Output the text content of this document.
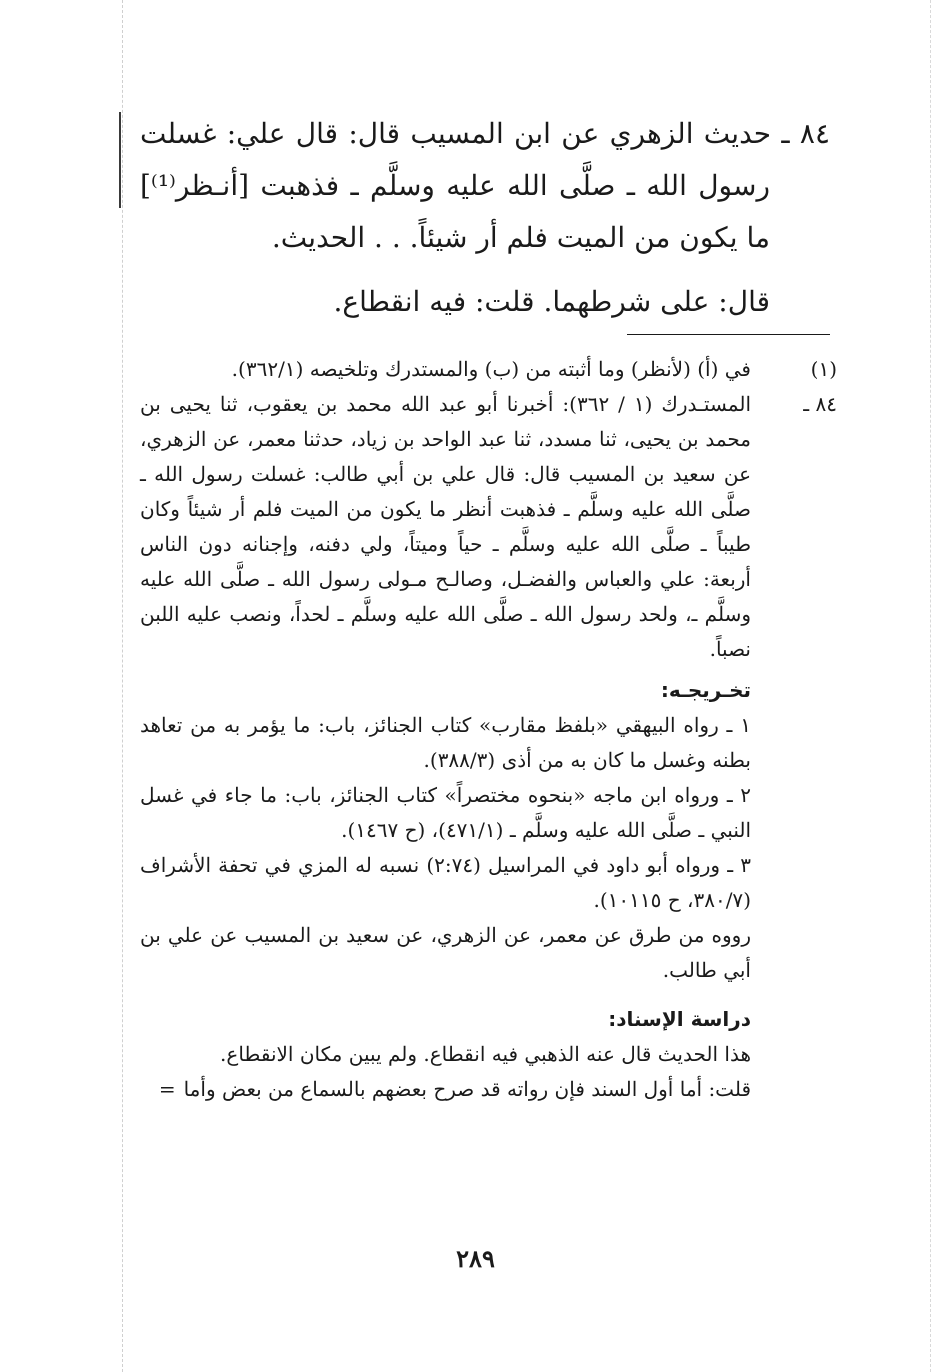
٨٤ ـ حديث الزهري عن ابن المسيب قال: قال علي: غسلت رسول الله ـ صلَّى الله عليه وسلَّم ـ فذهبت [أنـظر⁽¹⁾] ما يكون من الميت فلم أر شيئاً. . . الحديث.

قال: على شرطهما. قلت: فيه انقطاع.

(١)
في (أ) (لأنظر) وما أثبته من (ب) والمستدرك وتلخيصه (٣٦٢/١).
٨٤ ـ
المستـدرك (١ / ٣٦٢): أخبرنا أبو عبد الله محمد بن يعقوب، ثنا يحيى بن محمد بن يحيى، ثنا مسدد، ثنا عبد الواحد بن زياد، حدثنا معمر، عن الزهري، عن سعيد بن المسيب قال: قال علي بن أبي طالب: غسلت رسول الله ـ صلَّى الله عليه وسلَّم ـ فذهبت أنظر ما يكون من الميت فلم أر شيئاً وكان طيباً ـ صلَّى الله عليه وسلَّم ـ حياً وميتاً، ولي دفنه، وإجنانه دون الناس أربعة: علي والعباس والفضـل، وصالـح مـولى رسول الله ـ صلَّى الله عليه وسلَّم ـ، ولحد رسول الله ـ صلَّى الله عليه وسلَّم ـ لحداً، ونصب عليه اللبن نصباً.

تخـريجـه:

١ ـ رواه البيهقي «بلفظ مقارب» كتاب الجنائز، باب: ما يؤمر به من تعاهد بطنه وغسل ما كان به من أذى (٣٨٨/٣).

٢ ـ ورواه ابن ماجه «بنحوه مختصراً» كتاب الجنائز، باب: ما جاء في غسل النبي ـ صلَّى الله عليه وسلَّم ـ (٤٧١/١)، (ح ١٤٦٧).

٣ ـ ورواه أبو داود في المراسيل (٢:٧٤) نسبه له المزي في تحفة الأشراف (٣٨٠/٧، ح ١٠١١٥).

رووه من طرق عن معمر، عن الزهري، عن سعيد بن المسيب عن علي بن أبي طالب.

دراسة الإسناد:

هذا الحديث قال عنه الذهبي فيه انقطاع. ولم يبين مكان الانقطاع.

قلت: أما أول السند فإن رواته قد صرح بعضهم بالسماع من بعض وأما=

٢٨٩
